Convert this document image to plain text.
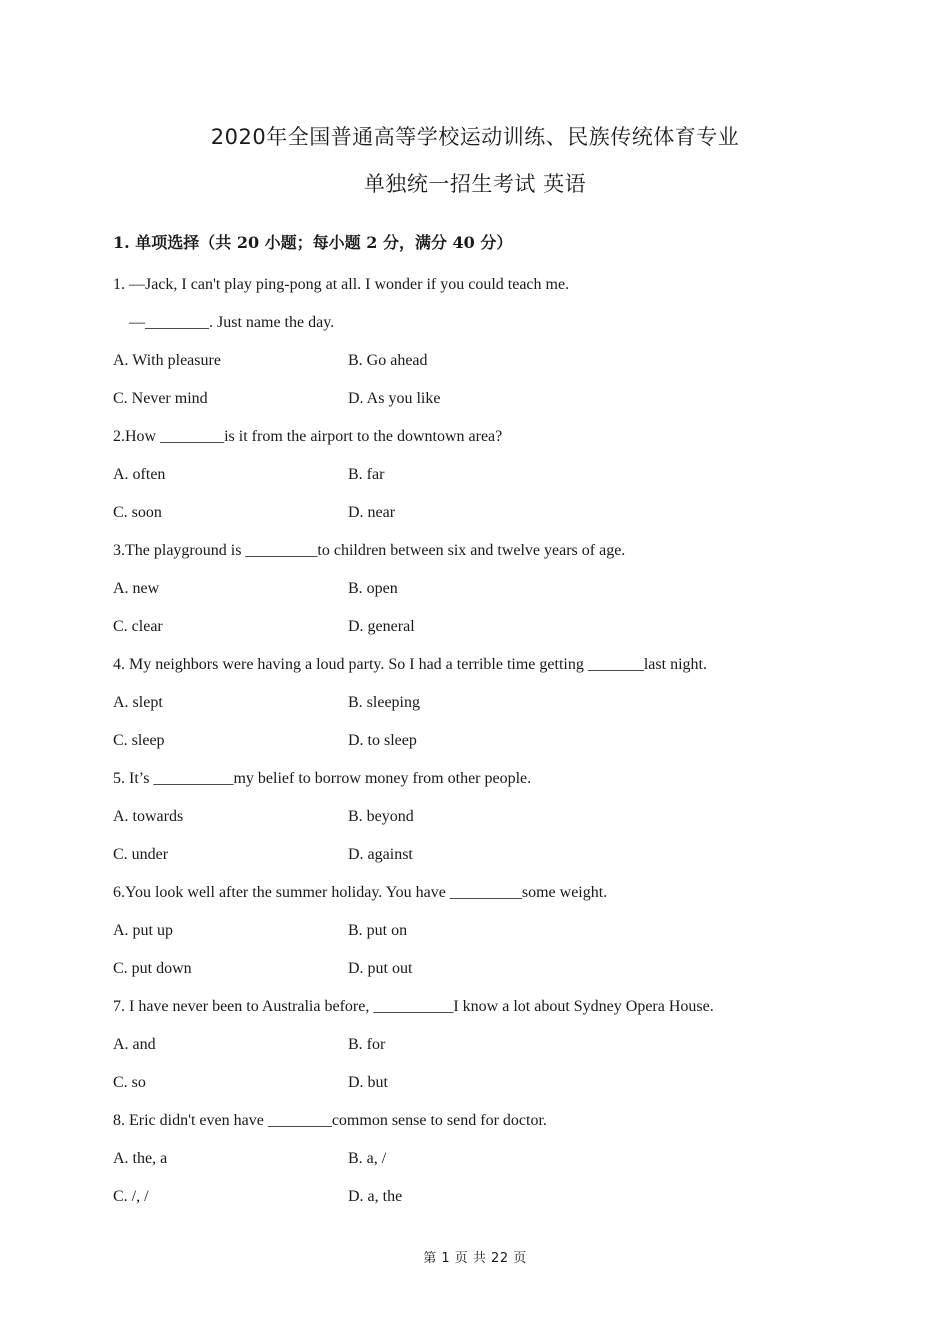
2020年全国普通高等学校运动训练、民族传统体育专业
单独统一招生考试 英语
1. 单项选择（共 20 小题；每小题 2 分，满分 40 分）
1. —Jack, I can't play ping-pong at all. I wonder if you could teach me.
—________. Just name the day.
A. With pleasure	B. Go ahead
C. Never mind	D. As you like
2.How ________is it from the airport to the downtown area?
A. often	B. far
C. soon	D. near
3.The playground is _________to children between six and twelve years of age.
A. new	B. open
C. clear	D. general
4. My neighbors were having a loud party. So I had a terrible time getting _______last night.
A. slept	B. sleeping
C. sleep	D. to sleep
5. It’s __________my belief to borrow money from other people.
A. towards	B. beyond
C. under	D. against
6.You look well after the summer holiday. You have _________some weight.
A. put up	B. put on
C. put down	D. put out
7. I have never been to Australia before, __________I know a lot about Sydney Opera House.
A. and	B. for
C. so	D. but
8. Eric didn't even have ________common sense to send for doctor.
A. the, a	B. a, /
C. /, /	D. a, the
第 1 页 共 22 页
